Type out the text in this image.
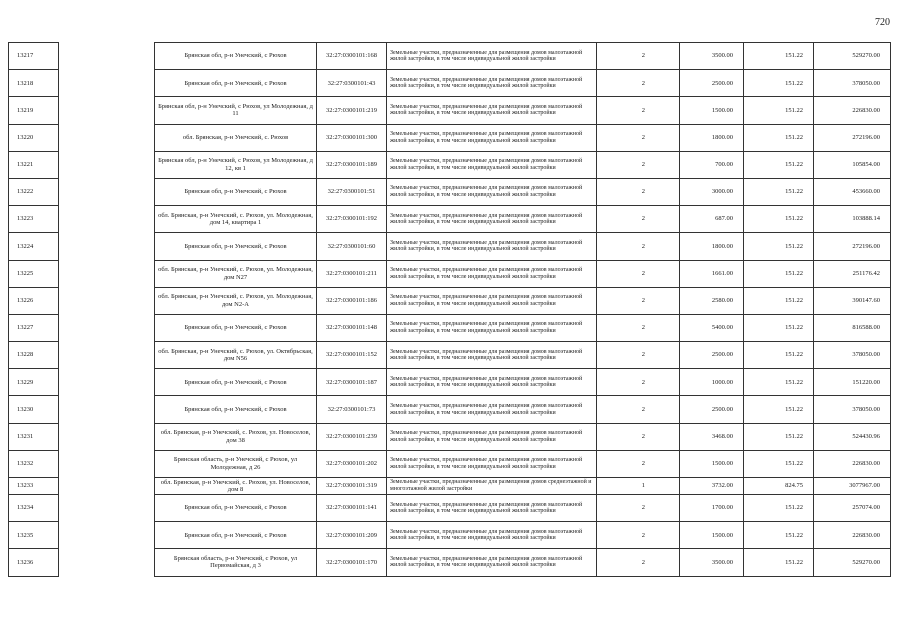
720
13217		Брянская обл, р-н Унечский, с Рюхов	32:27:0300101:168	Земельные участки, предназначенные для размещения домов малоэтажной жилой застройки, в том числе индивидуальной жилой застройки	2	3500.00	151.22	529270.00
13218		Брянская обл, р-н Унечский, с Рюхов	32:27:0300101:43	Земельные участки, предназначенные для размещения домов малоэтажной жилой застройки, в том числе индивидуальной жилой застройки	2	2500.00	151.22	378050.00
13219		Брянская обл, р-н Унечский, с Рюхов, ул Молодежная, д 11	32:27:0300101:219	Земельные участки, предназначенные для размещения домов малоэтажной жилой застройки, в том числе индивидуальной жилой застройки	2	1500.00	151.22	226830.00
13220		обл. Брянская, р-н Унечский, с. Рюхов	32:27:0300101:300	Земельные участки, предназначенные для размещения домов малоэтажной жилой застройки, в том числе индивидуальной жилой застройки	2	1800.00	151.22	272196.00
13221		Брянская обл, р-н Унечский, с Рюхов, ул Молодежная, д 12, кв 1	32:27:0300101:189	Земельные участки, предназначенные для размещения домов малоэтажной жилой застройки, в том числе индивидуальной жилой застройки	2	700.00	151.22	105854.00
13222		Брянская обл, р-н Унечский, с Рюхов	32:27:0300101:51	Земельные участки, предназначенные для размещения домов малоэтажной жилой застройки, в том числе индивидуальной жилой застройки	2	3000.00	151.22	453660.00
13223		обл. Брянская, р-н Унечский, с. Рюхов, ул. Молодежная, дом 14, квартира 1	32:27:0300101:192	Земельные участки, предназначенные для размещения домов малоэтажной жилой застройки, в том числе индивидуальной жилой застройки	2	687.00	151.22	103888.14
13224		Брянская обл, р-н Унечский, с Рюхов	32:27:0300101:60	Земельные участки, предназначенные для размещения домов малоэтажной жилой застройки, в том числе индивидуальной жилой застройки	2	1800.00	151.22	272196.00
13225		обл. Брянская, р-н Унечский, с. Рюхов, ул. Молодежная, дом N27	32:27:0300101:211	Земельные участки, предназначенные для размещения домов малоэтажной жилой застройки, в том числе индивидуальной жилой застройки	2	1661.00	151.22	251176.42
13226		обл. Брянская, р-н Унечский, с. Рюхов, ул. Молодежная, дом N2-А	32:27:0300101:186	Земельные участки, предназначенные для размещения домов малоэтажной жилой застройки, в том числе индивидуальной жилой застройки	2	2580.00	151.22	390147.60
13227		Брянская обл, р-н Унечский, с Рюхов	32:27:0300101:148	Земельные участки, предназначенные для размещения домов малоэтажной жилой застройки, в том числе индивидуальной жилой застройки	2	5400.00	151.22	816588.00
13228		обл. Брянская, р-н Унечский, с. Рюхов, ул. Октябрьская, дом N56	32:27:0300101:152	Земельные участки, предназначенные для размещения домов малоэтажной жилой застройки, в том числе индивидуальной жилой застройки	2	2500.00	151.22	378050.00
13229		Брянская обл, р-н Унечский, с Рюхов	32:27:0300101:187	Земельные участки, предназначенные для размещения домов малоэтажной жилой застройки, в том числе индивидуальной жилой застройки	2	1000.00	151.22	151220.00
13230		Брянская обл, р-н Унечский, с Рюхов	32:27:0300101:73	Земельные участки, предназначенные для размещения домов малоэтажной жилой застройки, в том числе индивидуальной жилой застройки	2	2500.00	151.22	378050.00
13231		обл. Брянская, р-н Унечский, с. Рюхов, ул. Новоселов, дом 38	32:27:0300101:239	Земельные участки, предназначенные для размещения домов малоэтажной жилой застройки, в том числе индивидуальной жилой застройки	2	3468.00	151.22	524430.96
13232		Брянская область, р-н Унечский, с Рюхов, ул Молодежная, д 26	32:27:0300101:202	Земельные участки, предназначенные для размещения домов малоэтажной жилой застройки, в том числе индивидуальной жилой застройки	2	1500.00	151.22	226830.00
13233		обл. Брянская, р-н Унечский, с. Рюхов, ул. Новоселов, дом 8	32:27:0300101:319	Земельные участки, предназначенные для размещения домов среднеэтажной и многоэтажной жилой застройки	1	3732.00	824.75	3077967.00
13234		Брянская обл, р-н Унечский, с Рюхов	32:27:0300101:141	Земельные участки, предназначенные для размещения домов малоэтажной жилой застройки, в том числе индивидуальной жилой застройки	2	1700.00	151.22	257074.00
13235		Брянская обл, р-н Унечский, с Рюхов	32:27:0300101:209	Земельные участки, предназначенные для размещения домов малоэтажной жилой застройки, в том числе индивидуальной жилой застройки	2	1500.00	151.22	226830.00
13236		Брянская область, р-н Унечский, с Рюхов, ул Первомайская, д 3	32:27:0300101:170	Земельные участки, предназначенные для размещения домов малоэтажной жилой застройки, в том числе индивидуальной жилой застройки	2	3500.00	151.22	529270.00
